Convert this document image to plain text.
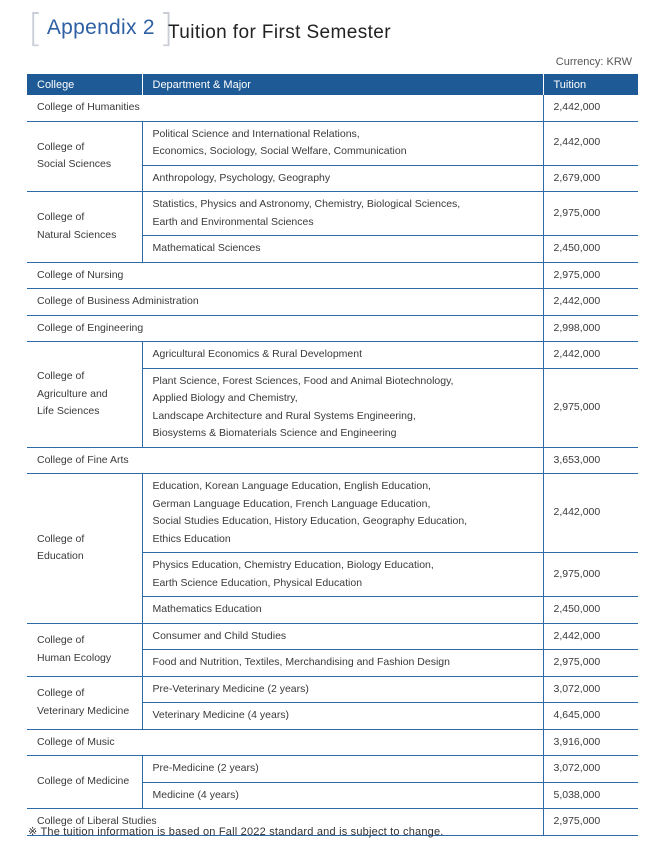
[ Appendix 2 ]
Tuition for First Semester
Currency: KRW
College	Department & Major	Tuition
College of Humanities		2,442,000
College of
Social Sciences	Political Science and International Relations,
Economics, Sociology, Social Welfare, Communication	2,442,000
	Anthropology, Psychology, Geography	2,679,000
College of
Natural Sciences	Statistics, Physics and Astronomy, Chemistry, Biological Sciences,
Earth and Environmental Sciences	2,975,000
	Mathematical Sciences	2,450,000
College of Nursing		2,975,000
College of Business Administration		2,442,000
College of Engineering		2,998,000
College of
Agriculture and
Life Sciences	Agricultural Economics & Rural Development	2,442,000
	Plant Science, Forest Sciences, Food and Animal Biotechnology,
Applied Biology and Chemistry,
Landscape Architecture and Rural Systems Engineering,
Biosystems & Biomaterials Science and Engineering	2,975,000
College of Fine Arts		3,653,000
College of
Education	Education, Korean Language Education, English Education,
German Language Education, French Language Education,
Social Studies Education, History Education, Geography Education,
Ethics Education	2,442,000
	Physics Education, Chemistry Education, Biology Education,
Earth Science Education, Physical Education	2,975,000
	Mathematics Education	2,450,000
College of
Human Ecology	Consumer and Child Studies	2,442,000
	Food and Nutrition, Textiles, Merchandising and Fashion Design	2,975,000
College of
Veterinary Medicine	Pre-Veterinary Medicine (2 years)	3,072,000
	Veterinary Medicine (4 years)	4,645,000
College of Music		3,916,000
College of Medicine	Pre-Medicine (2 years)	3,072,000
	Medicine (4 years)	5,038,000
College of Liberal Studies		2,975,000
※ The tuition information is based on Fall 2022 standard and is subject to change.
